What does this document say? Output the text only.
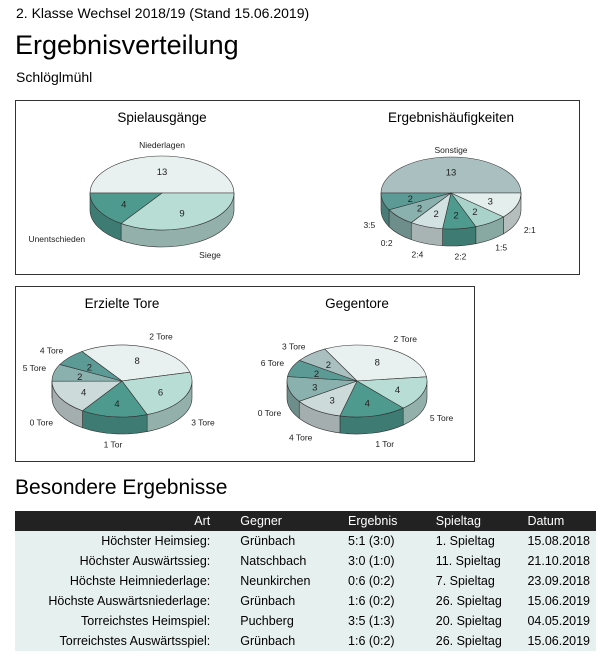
2. Klasse Wechsel 2018/19 (Stand 15.06.2019)
Ergebnisverteilung
Schlöglmühl
Spielausgänge
13
Niederlagen
9
Siege
4
Unentschieden
Ergebnishäufigkeiten
13
Sonstige
3
2:1
2
1:5
2
2:2
2
2:4
2
0:2
2
3:5
Erzielte Tore
8
2 Tore
6
3 Tore
4
1 Tor
4
0 Tore
2
5 Tore	2
4 Tore
Gegentore
8
2 Tore
4
5 Tore
4
1 Tor
3
4 Tore
3
0 Tore
2
6 Tore	2
3 Tore
Besondere Ergebnisse
Art	Gegner	Ergebnis	Spieltag	Datum
Höchster Heimsieg:	Grünbach	5:1 (3:0)	1. Spieltag	15.08.2018
Höchster Auswärtssieg:	Natschbach	3:0 (1:0)	11. Spieltag	21.10.2018
Höchste Heimniederlage:	Neunkirchen	0:6 (0:2)	7. Spieltag	23.09.2018
Höchste Auswärtsniederlage:	Grünbach	1:6 (0:2)	26. Spieltag	15.06.2019
Torreichstes Heimspiel:	Puchberg	3:5 (1:3)	20. Spieltag	04.05.2019
Torreichstes Auswärtsspiel:	Grünbach	1:6 (0:2)	26. Spieltag	15.06.2019
